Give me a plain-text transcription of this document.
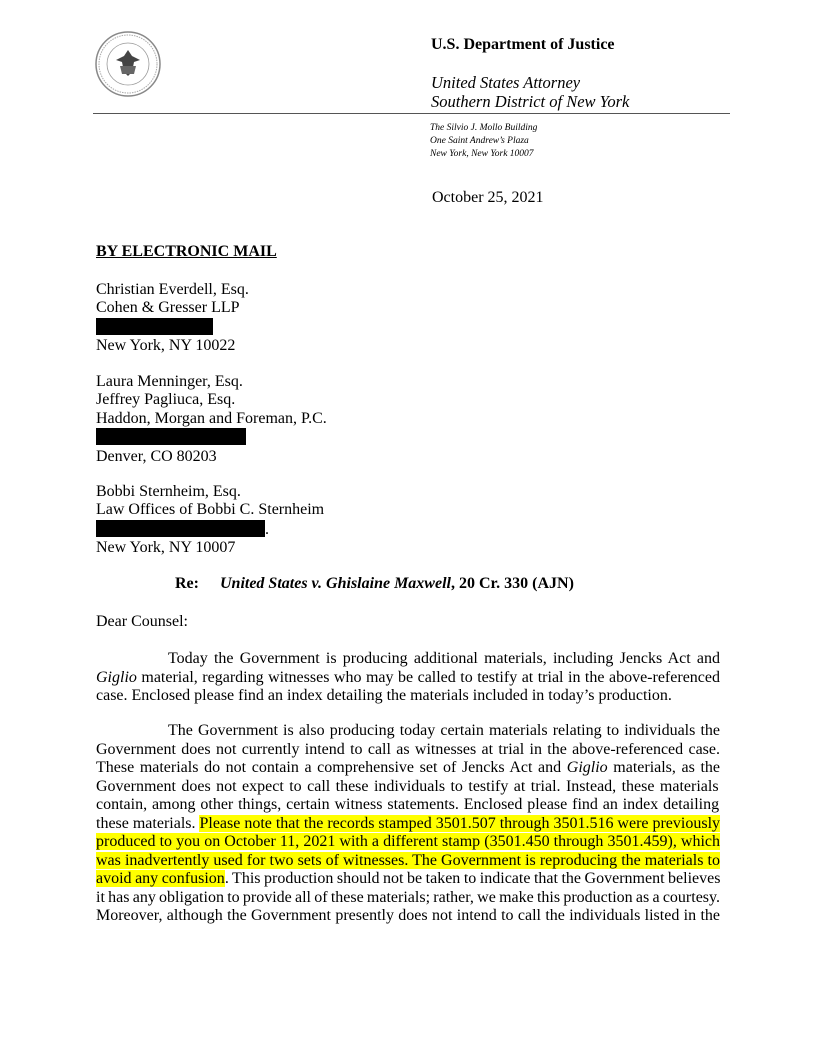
U.S. Department of Justice
United States Attorney
Southern District of New York
The Silvio J. Mollo Building
One Saint Andrew’s Plaza
New York, New York 10007
October 25, 2021
BY ELECTRONIC MAIL
Christian Everdell, Esq.
Cohen & Gresser LLP
New York, NY 10022
Laura Menninger, Esq.
Jeffrey Pagliuca, Esq.
Haddon, Morgan and Foreman, P.C.
Denver, CO 80203
Bobbi Sternheim, Esq.
Law Offices of Bobbi C. Sternheim
.
New York, NY 10007
Re: United States v. Ghislaine Maxwell, 20 Cr. 330 (AJN)
Dear Counsel:
Today the Government is producing additional materials, including Jencks Act and
Giglio material, regarding witnesses who may be called to testify at trial in the above-referenced
case. Enclosed please find an index detailing the materials included in today’s production.
The Government is also producing today certain materials relating to individuals the
Government does not currently intend to call as witnesses at trial in the above-referenced case.
These materials do not contain a comprehensive set of Jencks Act and Giglio materials, as the
Government does not expect to call these individuals to testify at trial. Instead, these materials
contain, among other things, certain witness statements. Enclosed please find an index detailing
these materials. Please note that the records stamped 3501.507 through 3501.516 were previously
produced to you on October 11, 2021 with a different stamp (3501.450 through 3501.459), which
was inadvertently used for two sets of witnesses. The Government is reproducing the materials to
avoid any confusion. This production should not be taken to indicate that the Government believes
it has any obligation to provide all of these materials; rather, we make this production as a courtesy.
Moreover, although the Government presently does not intend to call the individuals listed in the
